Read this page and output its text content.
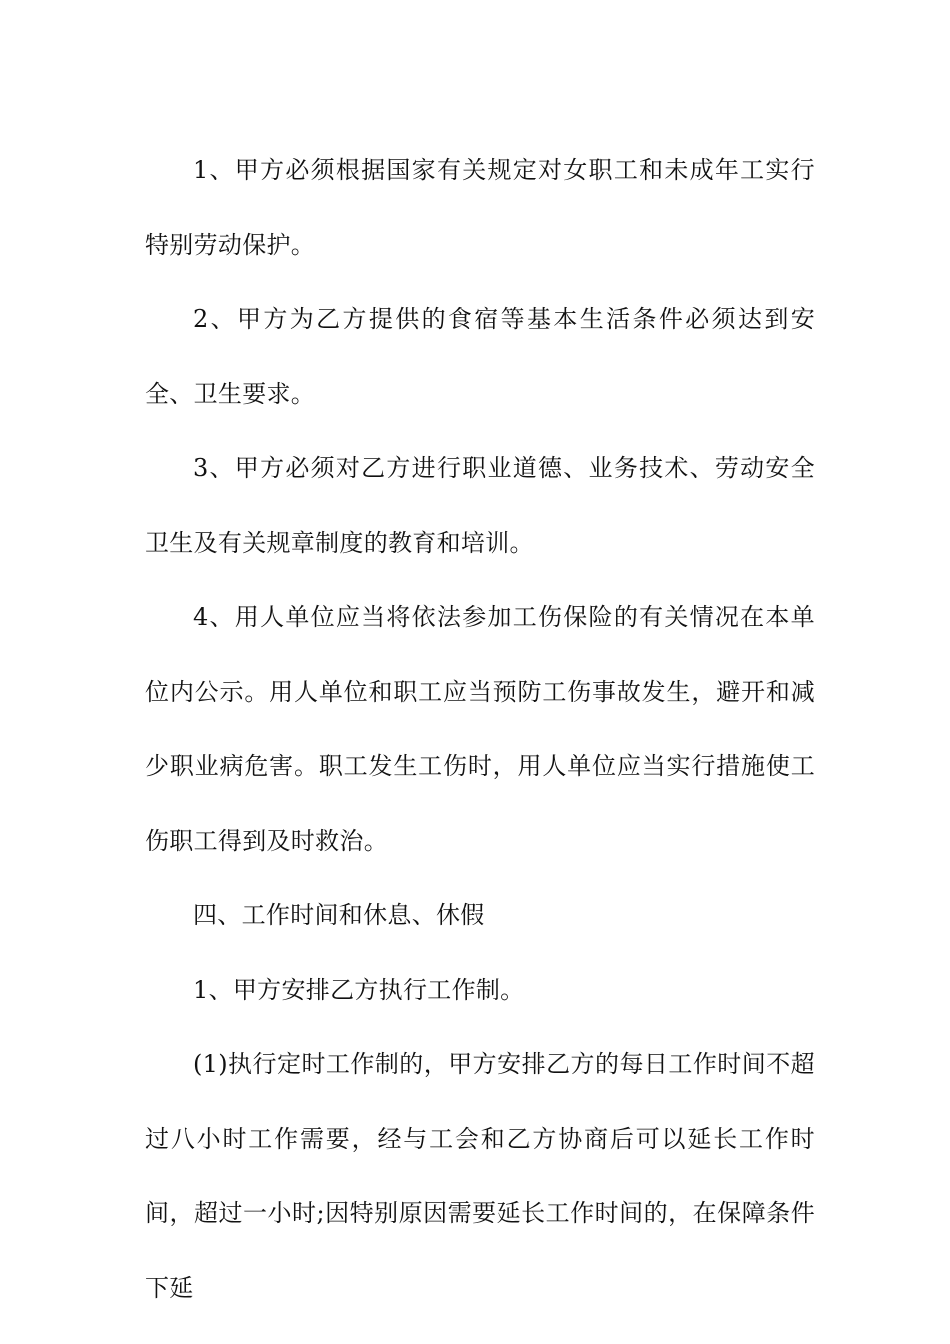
1、甲方必须根据国家有关规定对女职工和未成年工实行特别劳动保护。

2、甲方为乙方提供的食宿等基本生活条件必须达到安全、卫生要求。

3、甲方必须对乙方进行职业道德、业务技术、劳动安全卫生及有关规章制度的教育和培训。

4、用人单位应当将依法参加工伤保险的有关情况在本单位内公示。用人单位和职工应当预防工伤事故发生，避开和减少职业病危害。职工发生工伤时，用人单位应当实行措施使工伤职工得到及时救治。

四、工作时间和休息、休假

1、甲方安排乙方执行工作制。

(1)执行定时工作制的，甲方安排乙方的每日工作时间不超过八小时工作需要，经与工会和乙方协商后可以延长工作时间，超过一小时;因特别原因需要延长工作时间的，在保障条件下延
